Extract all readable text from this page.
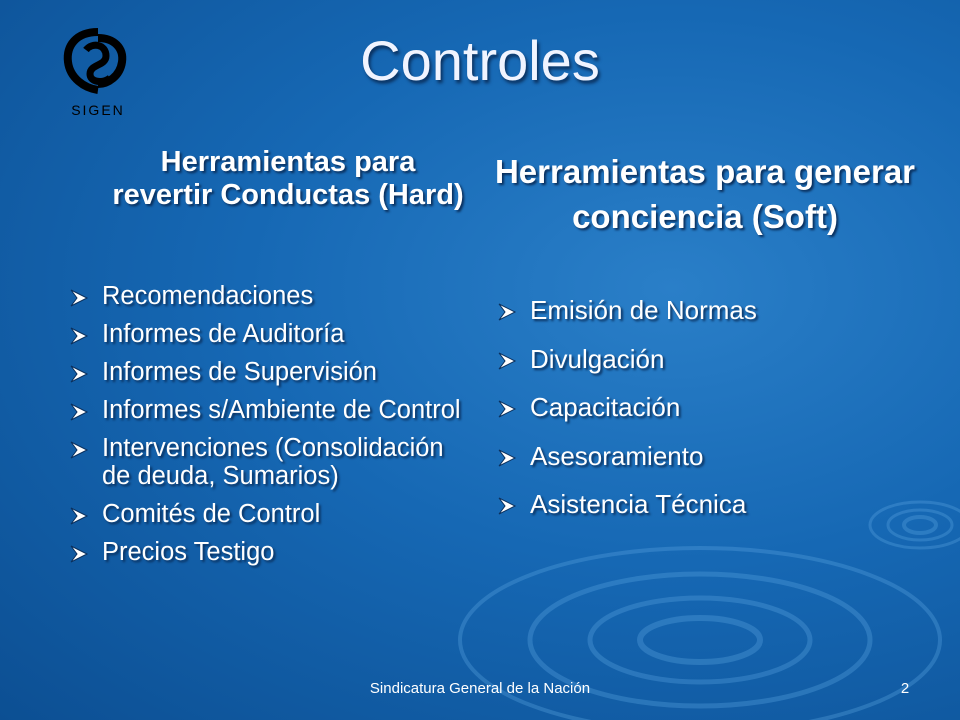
SIGEN
Controles
Herramientas para revertir Conductas (Hard)
Recomendaciones
Informes de Auditoría
Informes de Supervisión
Informes s/Ambiente de Control
Intervenciones (Consolidación de deuda, Sumarios)
Comités de Control
Precios Testigo
Herramientas para generar conciencia (Soft)
Emisión de Normas
Divulgación
Capacitación
Asesoramiento
Asistencia Técnica
Sindicatura General de la Nación	2
